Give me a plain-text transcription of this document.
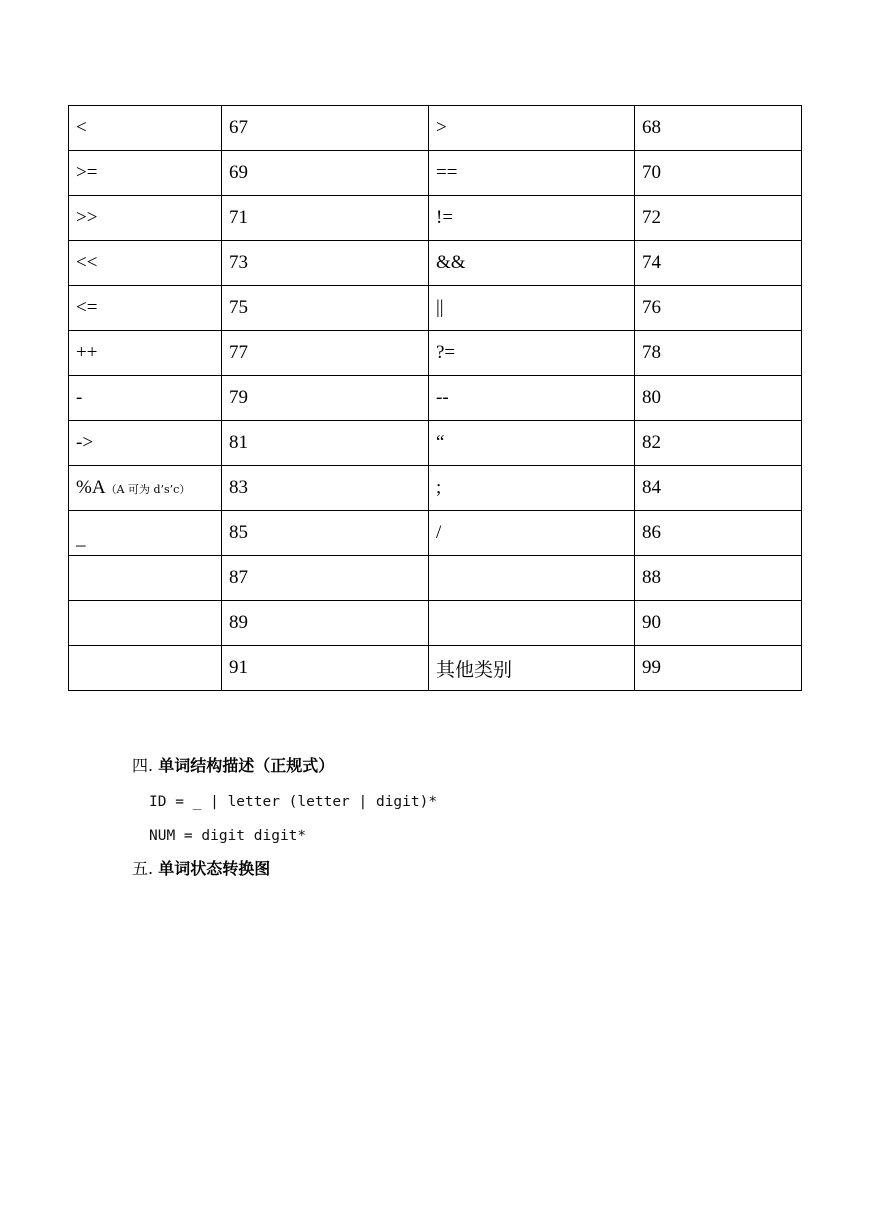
<	67	>	68
>=	69	==	70
>>	71	!=	72
<<	73	&&	74
<=	75	||	76
++	77	?=	78
-	79	--	80
->	81	“	82
%A（A 可为 d’s’c）	83	;	84
_	85	/	86
	87		88
	89		90
	91	其他类别	99
四. 单词结构描述（正规式）
ID = _ | letter (letter | digit)*
NUM = digit digit*
五. 单词状态转换图
